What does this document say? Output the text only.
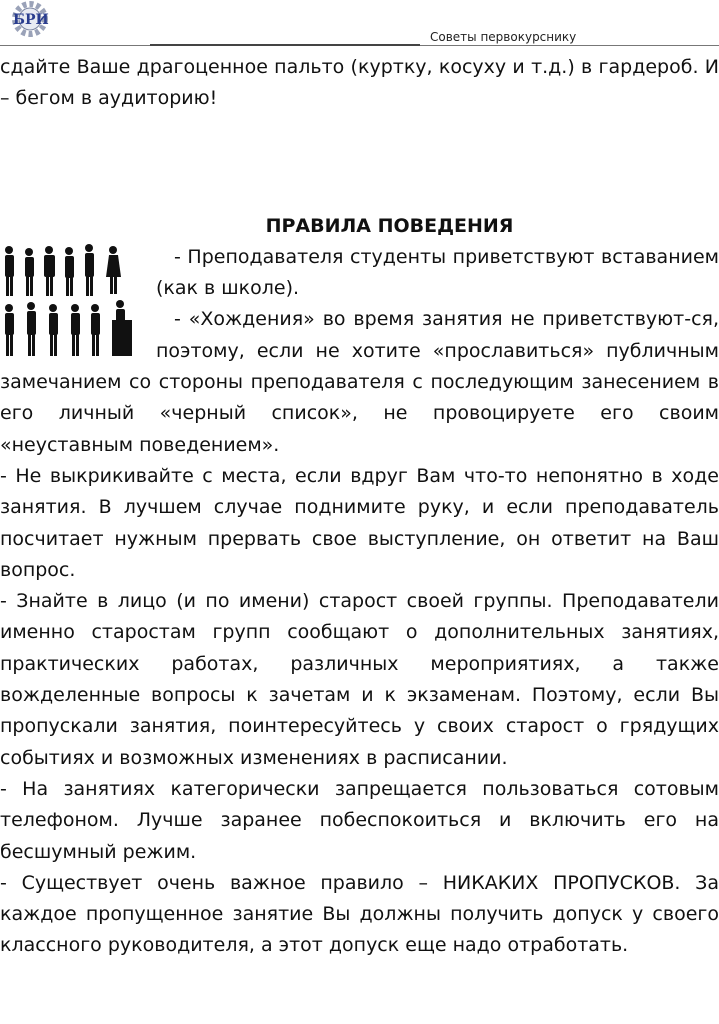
БРИ
Советы первокурснику

сдайте Ваше драгоценное пальто (куртку, косуху и т.д.) в гардероб. И – бегом в аудиторию!

ПРАВИЛА ПОВЕДЕНИЯ

- Преподавателя студенты приветствуют вставанием (как в школе).

- «Хождения» во время занятия не приветствуют-ся, поэтому, если не хотите «прославиться» публичным замечанием со стороны преподавателя с последующим занесением в его личный «черный список», не провоцируете его своим «неуставным поведением».

- Не выкрикивайте с места, если вдруг Вам что-то непонятно в ходе занятия. В лучшем случае поднимите руку, и если преподаватель посчитает нужным прервать свое выступление, он ответит на Ваш вопрос.

- Знайте в лицо (и по имени) старост своей группы. Преподаватели именно старостам групп сообщают о дополнительных занятиях, практических работах, различных мероприятиях, а также вожделенные вопросы к зачетам и к экзаменам. Поэтому, если Вы пропускали занятия, поинтересуйтесь у своих старост о грядущих событиях и возможных изменениях в расписании.

- На занятиях категорически запрещается пользоваться сотовым телефоном. Лучше заранее побеспокоиться и включить его на бесшумный режим.

- Существует очень важное правило – НИКАКИХ ПРОПУСКОВ. За каждое пропущенное занятие Вы должны получить допуск у своего классного руководителя, а этот допуск еще надо отработать.
